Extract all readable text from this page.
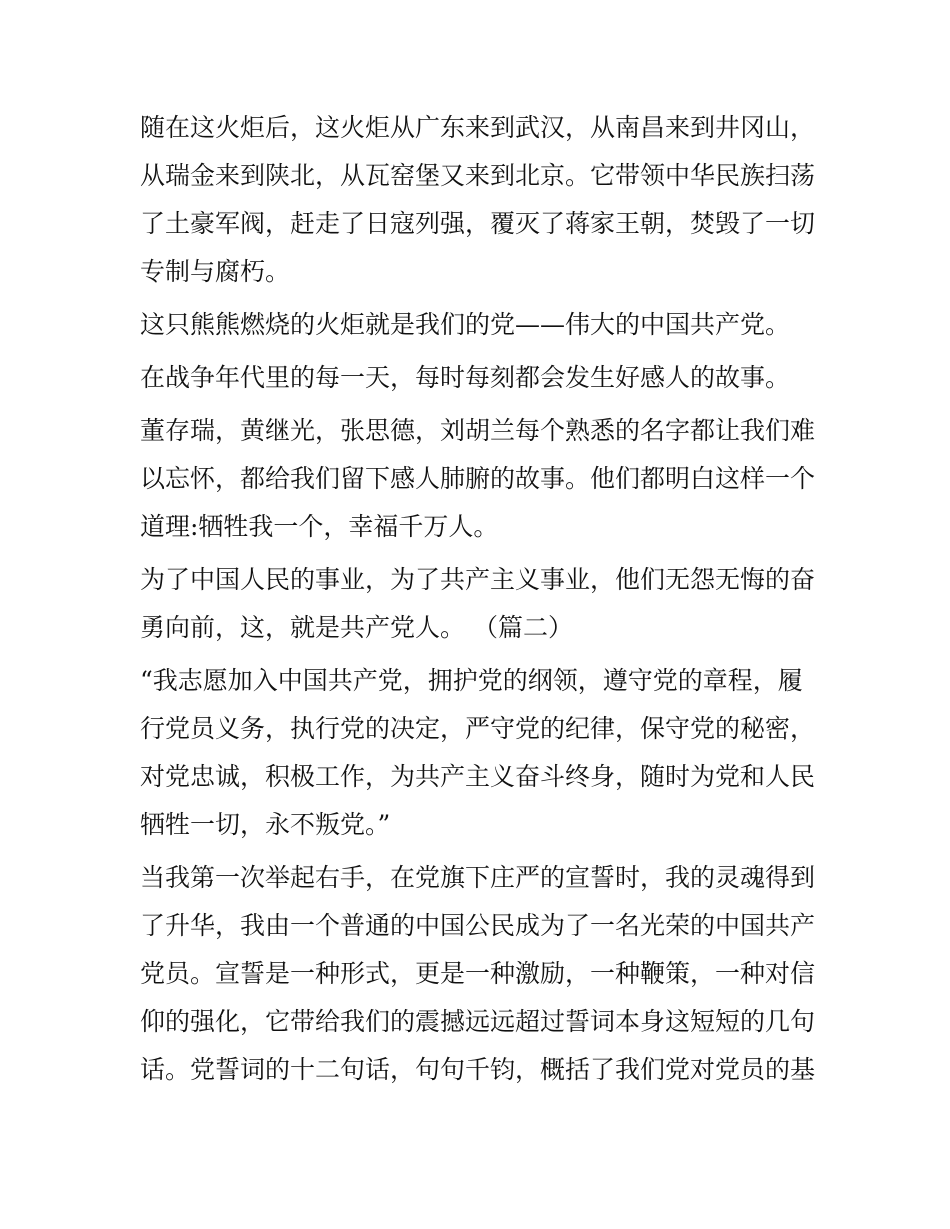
随在这火炬后，这火炬从广东来到武汉，从南昌来到井冈山，
从瑞金来到陕北，从瓦窑堡又来到北京。它带领中华民族扫荡
了土豪军阀，赶走了日寇列强，覆灭了蒋家王朝，焚毁了一切
专制与腐朽。
这只熊熊燃烧的火炬就是我们的党——伟大的中国共产党。
在战争年代里的每一天，每时每刻都会发生好感人的故事。
董存瑞，黄继光，张思德，刘胡兰每个熟悉的名字都让我们难
以忘怀，都给我们留下感人肺腑的故事。他们都明白这样一个
道理:牺牲我一个，幸福千万人。
为了中国人民的事业，为了共产主义事业，他们无怨无悔的奋
勇向前，这，就是共产党人。 （篇二）
“我志愿加入中国共产党，拥护党的纲领，遵守党的章程，履
行党员义务，执行党的决定，严守党的纪律，保守党的秘密，
对党忠诚，积极工作，为共产主义奋斗终身，随时为党和人民
牺牲一切，永不叛党。”
当我第一次举起右手，在党旗下庄严的宣誓时，我的灵魂得到
了升华，我由一个普通的中国公民成为了一名光荣的中国共产
党员。宣誓是一种形式，更是一种激励，一种鞭策，一种对信
仰的强化，它带给我们的震撼远远超过誓词本身这短短的几句
话。党誓词的十二句话，句句千钧，概括了我们党对党员的基
